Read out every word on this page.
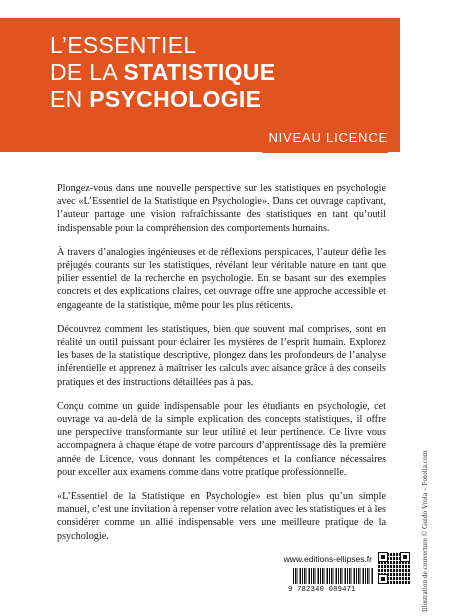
L’ESSENTIEL
DE LA STATISTIQUE
EN PSYCHOLOGIE
NIVEAU LICENCE

Plongez-vous dans une nouvelle perspective sur les statistiques en psychologie avec «L’Essentiel de la Statistique en Psychologie». Dans cet ouvrage captivant, l’auteur partage une vision rafraîchissante des statistiques en tant qu’outil indispensable pour la compréhension des comportements humains.

À travers d’analogies ingénieuses et de réflexions perspicaces, l’auteur défie les préjugés courants sur les statistiques, révélant leur véritable nature en tant que pilier essentiel de la recherche en psychologie. En se basant sur des exemples concrets et des explications claires, cet ouvrage offre une approche accessible et engageante de la statistique, même pour les plus réticents.

Découvrez comment les statistiques, bien que souvent mal comprises, sont en réalité un outil puissant pour éclairer les mystères de l’esprit humain. Explorez les bases de la statistique descriptive, plongez dans les profondeurs de l’analyse inférentielle et apprenez à maîtriser les calculs avec aisance grâce à des conseils pratiques et des instructions détaillées pas à pas.

Conçu comme un guide indispensable pour les étudiants en psychologie, cet ouvrage va au-delà de la simple explication des concepts statistiques, il offre une perspective transformante sur leur utilité et leur pertinence. Ce livre vous accompagnera à chaque étape de votre parcours d’apprentissage dès la première année de Licence, vous donnant les compétences et la confiance nécessaires pour exceller aux examens comme dans votre pratique professionnelle.

«L’Essentiel de la Statistique en Psychologie» est bien plus qu’un simple manuel, c’est une invitation à repenser votre relation avec les statistiques et à les considérer comme un allié indispensable vers une meilleure pratique de la psychologie.	Illustration de couverture © Guido Vrola – Fotolia.com
www.editions-ellipses.fr
9 782340 089471
